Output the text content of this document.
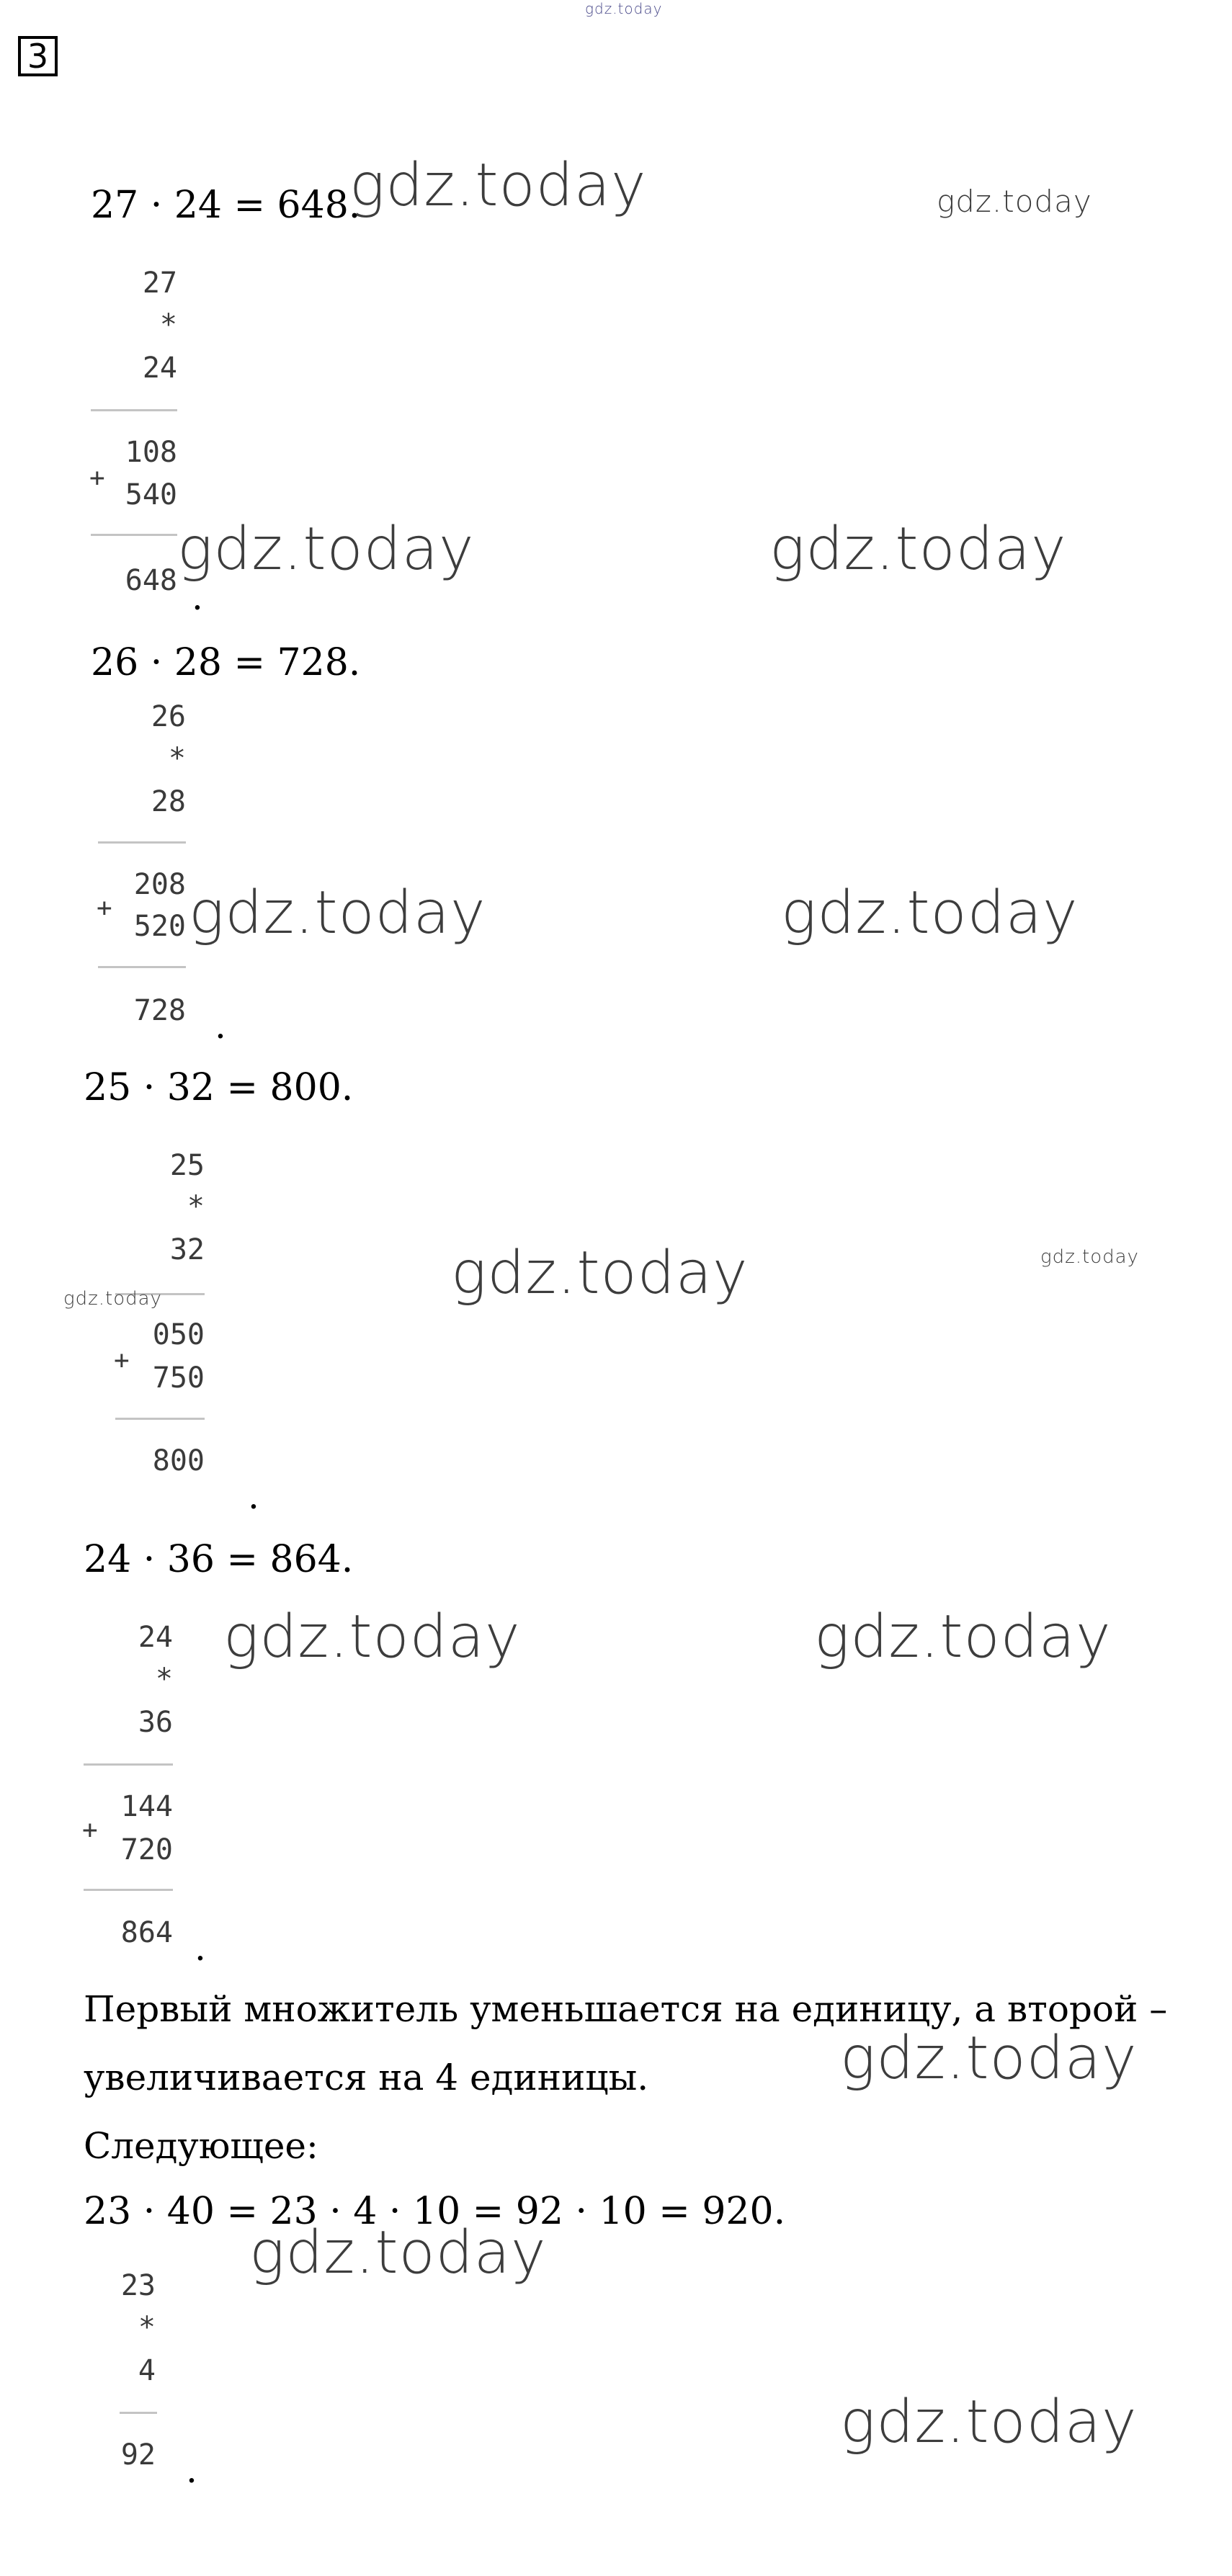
gdz.today
3
27 · 24 = 648.
gdz.today	gdz.today
27
*
24
+
108
540
648 .
gdz.today	gdz.today
26 · 28 = 728.
26
*
28
+
208
520
728 .
gdz.today	gdz.today
25 · 32 = 800.
25
*
32
gdz.today
+
050
750
800
.
gdz.today	gdz.today
24 · 36 = 864.
gdz.today	gdz.today
24
*
36
+
144
720
864 .
Первый множитель уменьшается на единицу, а второй –
увеличивается на 4 единицы.	gdz.today
Следующее:
23 · 40 = 23 · 4 · 10 = 92 · 10 = 920.
gdz.today
23
*
4
92 .
gdz.today
